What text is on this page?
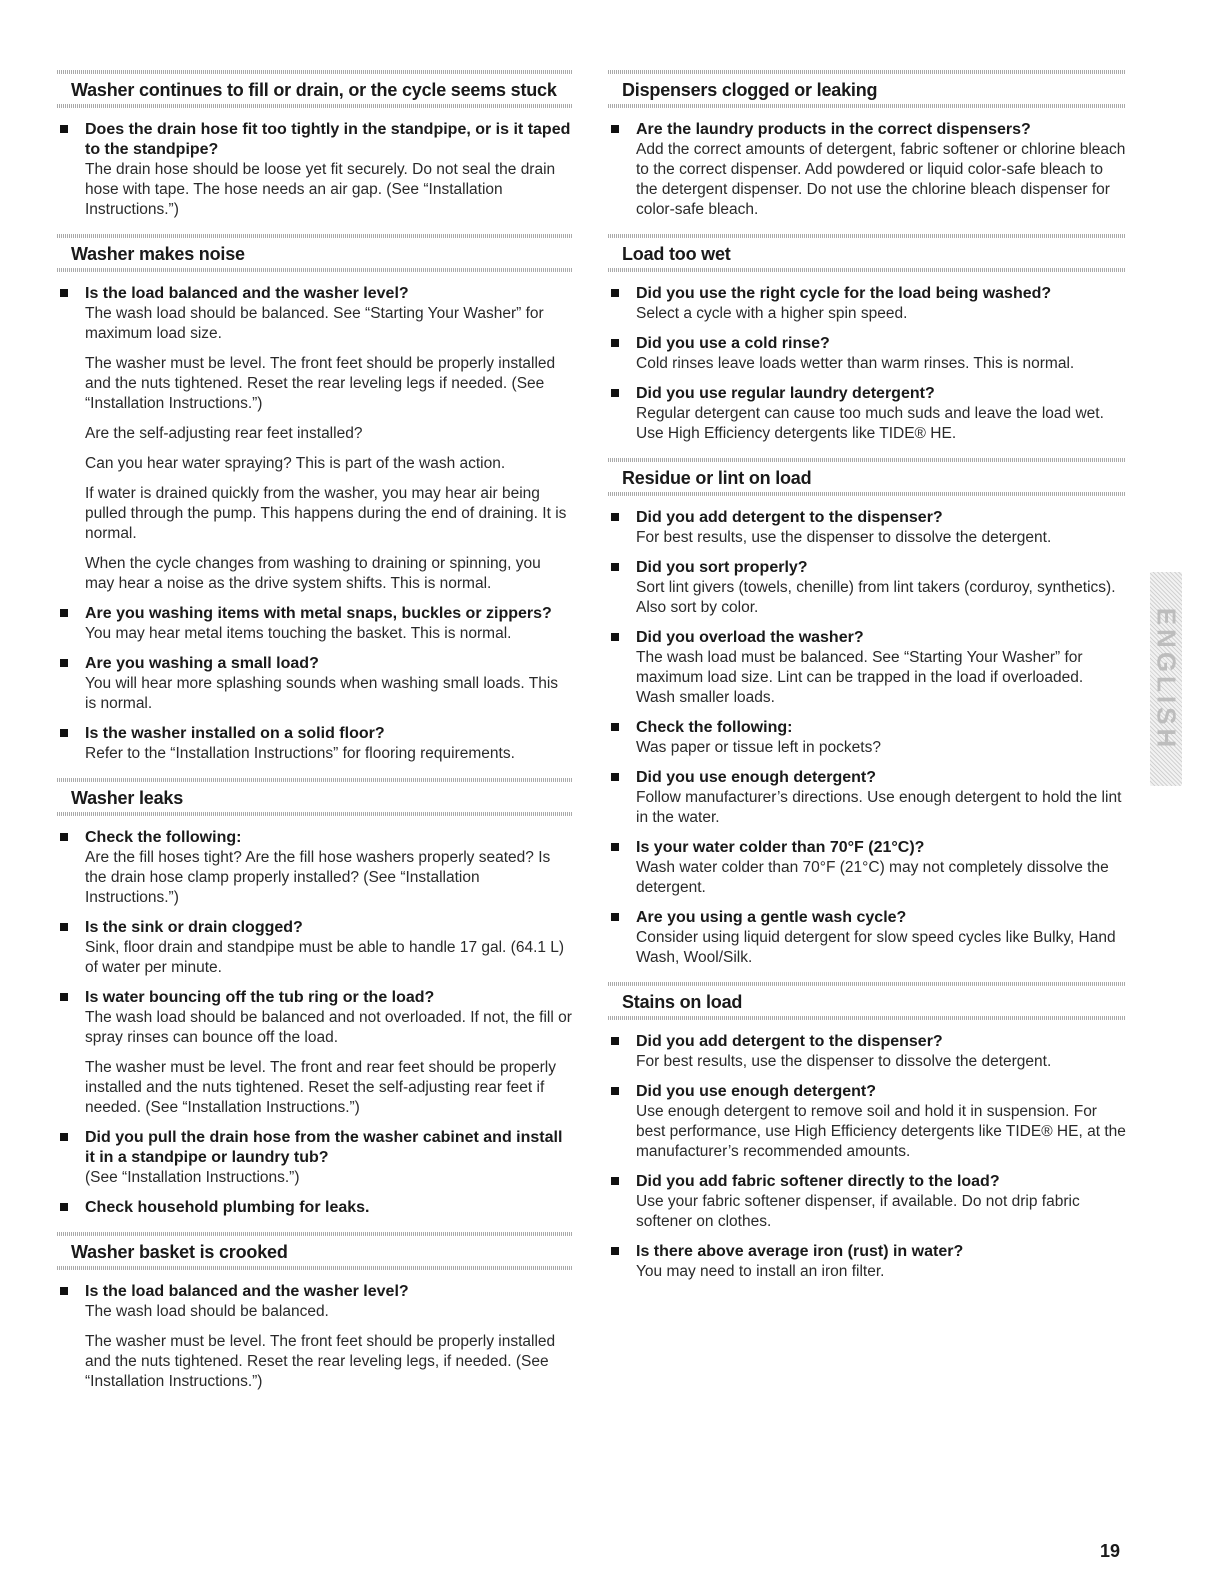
Washer continues to fill or drain, or the cycle seems stuck
Does the drain hose fit too tightly in the standpipe, or is it taped to the standpipe?
The drain hose should be loose yet fit securely. Do not seal the drain hose with tape. The hose needs an air gap. (See “Installation Instructions.”)
Washer makes noise
Is the load balanced and the washer level?
The wash load should be balanced. See “Starting Your Washer” for maximum load size.
The washer must be level. The front feet should be properly installed and the nuts tightened. Reset the rear leveling legs if needed. (See “Installation Instructions.”)
Are the self-adjusting rear feet installed?
Can you hear water spraying? This is part of the wash action.
If water is drained quickly from the washer, you may hear air being pulled through the pump. This happens during the end of draining. It is normal.
When the cycle changes from washing to draining or spinning, you may hear a noise as the drive system shifts. This is normal.
Are you washing items with metal snaps, buckles or zippers?
You may hear metal items touching the basket. This is normal.
Are you washing a small load?
You will hear more splashing sounds when washing small loads. This is normal.
Is the washer installed on a solid floor?
Refer to the “Installation Instructions” for flooring requirements.
Washer leaks
Check the following:
Are the fill hoses tight? Are the fill hose washers properly seated? Is the drain hose clamp properly installed? (See “Installation Instructions.”)
Is the sink or drain clogged?
Sink, floor drain and standpipe must be able to handle 17 gal. (64.1 L) of water per minute.
Is water bouncing off the tub ring or the load?
The wash load should be balanced and not overloaded. If not, the fill or spray rinses can bounce off the load.
The washer must be level. The front and rear feet should be properly installed and the nuts tightened. Reset the self-adjusting rear feet if needed. (See “Installation Instructions.”)
Did you pull the drain hose from the washer cabinet and install it in a standpipe or laundry tub?
(See “Installation Instructions.”)
Check household plumbing for leaks.
Washer basket is crooked
Is the load balanced and the washer level?
The wash load should be balanced.
The washer must be level. The front feet should be properly installed and the nuts tightened. Reset the rear leveling legs, if needed. (See “Installation Instructions.”)
Dispensers clogged or leaking
Are the laundry products in the correct dispensers?
Add the correct amounts of detergent, fabric softener or chlorine bleach to the correct dispenser. Add powdered or liquid color-safe bleach to the detergent dispenser. Do not use the chlorine bleach dispenser for color-safe bleach.
Load too wet
Did you use the right cycle for the load being washed?
Select a cycle with a higher spin speed.
Did you use a cold rinse?
Cold rinses leave loads wetter than warm rinses. This is normal.
Did you use regular laundry detergent?
Regular detergent can cause too much suds and leave the load wet. Use High Efficiency detergents like TIDE® HE.
Residue or lint on load
Did you add detergent to the dispenser?
For best results, use the dispenser to dissolve the detergent.
Did you sort properly?
Sort lint givers (towels, chenille) from lint takers (corduroy, synthetics). Also sort by color.
Did you overload the washer?
The wash load must be balanced. See “Starting Your Washer” for maximum load size. Lint can be trapped in the load if overloaded. Wash smaller loads.
Check the following:
Was paper or tissue left in pockets?
Did you use enough detergent?
Follow manufacturer’s directions. Use enough detergent to hold the lint in the water.
Is your water colder than 70°F (21°C)?
Wash water colder than 70°F (21°C) may not completely dissolve the detergent.
Are you using a gentle wash cycle?
Consider using liquid detergent for slow speed cycles like Bulky, Hand Wash, Wool/Silk.
Stains on load
Did you add detergent to the dispenser?
For best results, use the dispenser to dissolve the detergent.
Did you use enough detergent?
Use enough detergent to remove soil and hold it in suspension. For best performance, use High Efficiency detergents like TIDE® HE, at the manufacturer’s recommended amounts.
Did you add fabric softener directly to the load?
Use your fabric softener dispenser, if available. Do not drip fabric softener on clothes.
Is there above average iron (rust) in water?
You may need to install an iron filter.
ENGLISH
19
